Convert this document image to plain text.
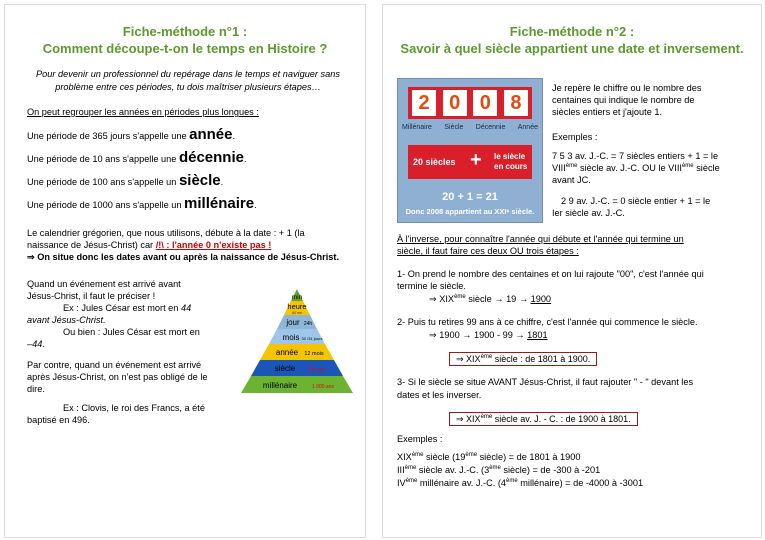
Fiche-méthode n°1 :
Comment découpe-t-on le temps en Histoire ?
Pour devenir un professionnel du repérage dans le temps et naviguer sans
problème entre ces périodes, tu dois maîtriser plusieurs étapes…
On peut regrouper les années en périodes plus longues :
Une période de 365 jours s'appelle une année.
Une période de 10 ans s'appelle une décennie.
Une période de 100 ans s'appelle un siècle.
Une période de 1000 ans s'appelle un millénaire.
Le calendrier grégorien, que nous utilisons, débute à la date : + 1 (la
naissance de Jésus-Christ) car /!\ : l'année 0 n'existe pas !
⇒ On situe donc les dates avant ou après la naissance de Jésus-Christ.
Quand un événement est arrivé avant
Jésus-Christ, il faut le préciser !
Ex : Jules César est mort en 44
avant Jésus-Christ.
Ou bien : Jules César est mort en
–44.
Par contre, quand un événement est arrivé
après Jésus-Christ, on n'est pas obligé de le
dire.
Ex : Clovis, le roi des Francs, a été
baptisé en 496.
min
heure
60 mn
jour 24h
mois 30 /31 jours
année 12 mois
siècle 100 ans
millénaire	1 000 ans
Fiche-méthode n°2 :
Savoir à quel siècle appartient une date et inversement.
2 0 0 8
Millénaire Siècle Décennie Année
20 siècles + le siècle
en cours
20 + 1 = 21
Donc 2008 appartient au XXIᵉ siècle.
Je repère le chiffre ou le nombre des
centaines qui indique le nombre de
siècles entiers et j'ajoute 1.
Exemples :
7 5 3 av. J.-C. = 7 siècles entiers + 1 = le
VIIIème siècle av. J.-C. OU le VIIIème siècle
avant JC.
2 9 av. J.-C. = 0 siècle entier + 1 = le
Ier siècle av. J.-C.
À l'inverse, pour connaître l'année qui débute et l'année qui termine un
siècle, il faut faire ces deux OU trois étapes :
1- On prend le nombre des centaines et on lui rajoute "00", c'est l'année qui
termine le siècle.
⇒ XIXème siècle → 19 → 1900
2- Puis tu retires 99 ans à ce chiffre, c'est l'année qui commence le siècle.
⇒ 1900 → 1900 - 99 → 1801
⇒ XIXème siècle : de 1801 à 1900.
3- Si le siècle se situe AVANT Jésus-Christ, il faut rajouter " - " devant les
dates et les inverser.
⇒ XIXème siècle av. J. - C. : de 1900 à 1801.
Exemples :
XIXème siècle (19ème siècle) = de 1801 à 1900
IIIème siècle av. J.-C. (3ème siècle) = de -300 à -201
IVème millénaire av. J.-C. (4ème millénaire) = de -4000 à -3001
